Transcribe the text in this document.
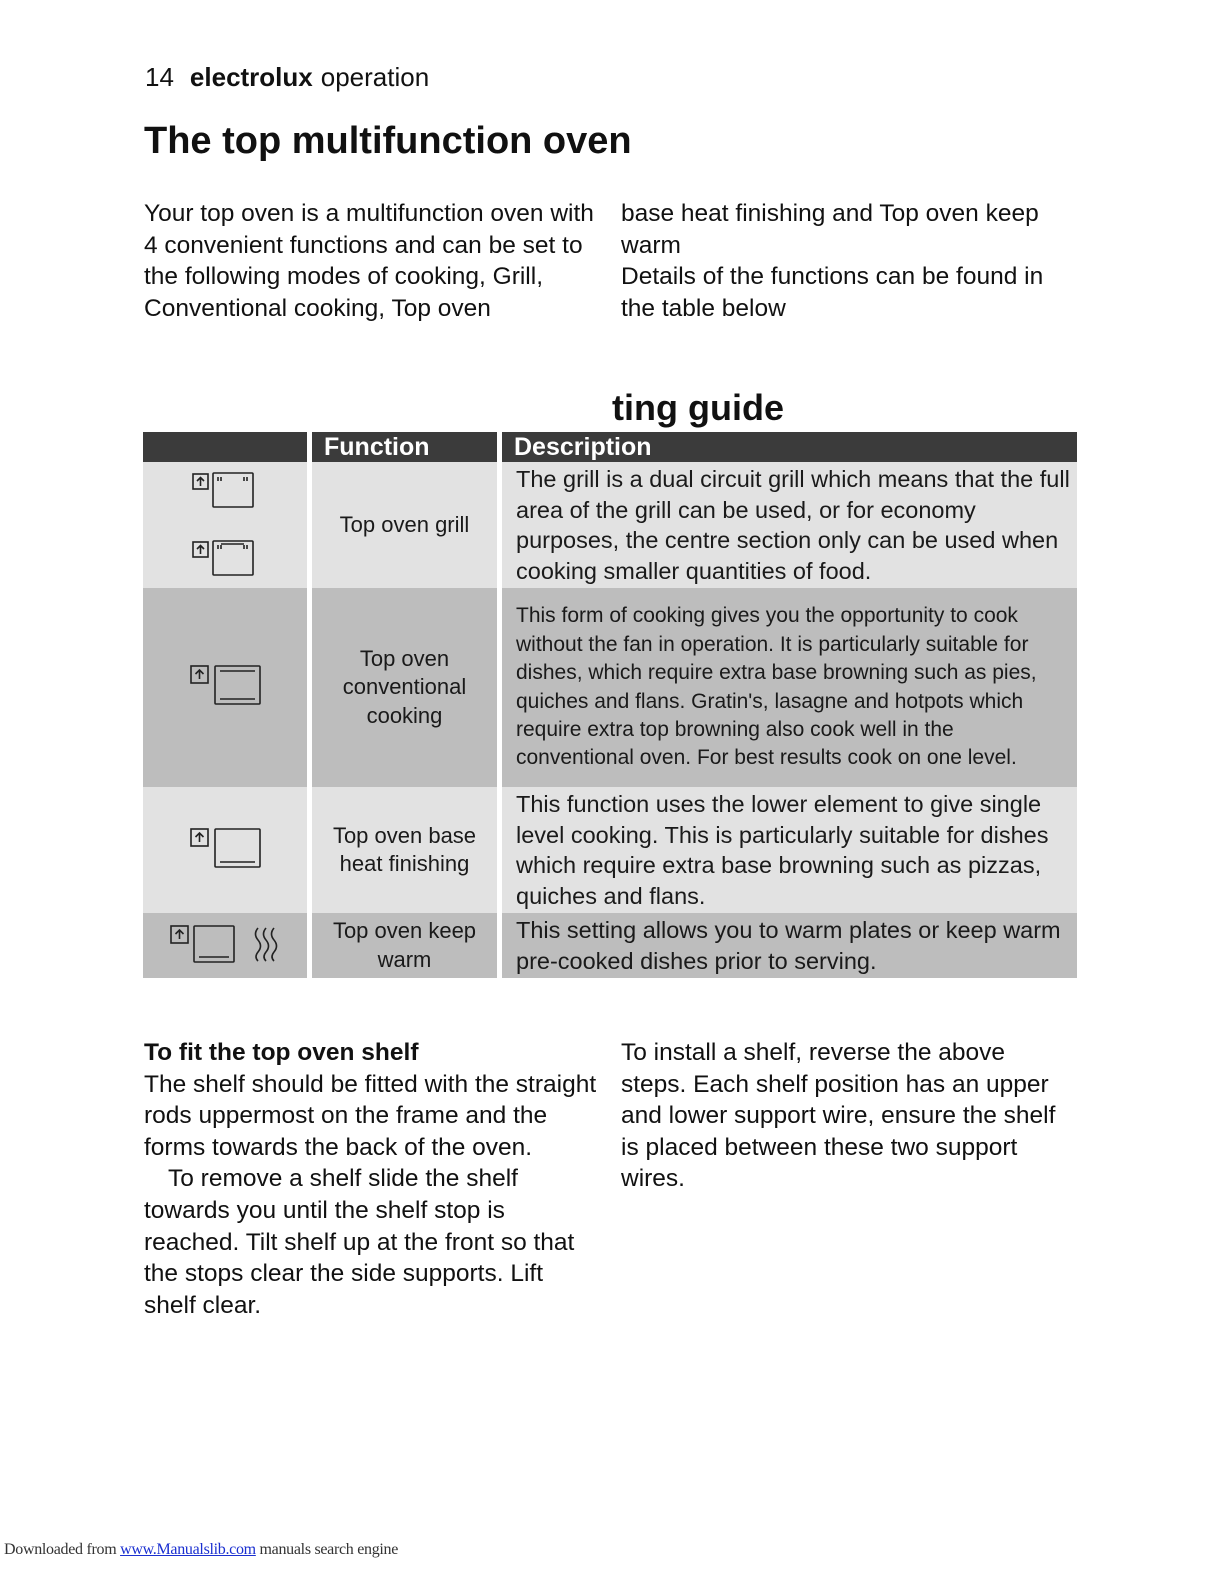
14 electrolux operation
The top multifunction oven
Your top oven is a multifunction oven with 4 convenient functions and can be set to the following modes of cooking, Grill, Conventional cooking, Top oven

base heat finishing and Top oven keep warm

Details of the functions can be found in the table below

ting guide
	Function	Description
	Top oven grill	The grill is a dual circuit grill which means that the full area of the grill can be used, or for economy purposes, the centre section only can be used when cooking smaller quantities of food.
	Top oven conventional cooking	This form of cooking gives you the opportunity to cook without the fan in operation. It is particularly suitable for dishes, which require extra base browning such as pies, quiches and flans. Gratin's, lasagne and hotpots which require extra top browning also cook well in the conventional oven. For best results cook on one level.
	Top oven base heat finishing	This function uses the lower element to give single level cooking. This is particularly suitable for dishes which require extra base browning such as pizzas, quiches and flans.
	Top oven keep warm	This setting allows you to warm plates or keep warm pre-cooked dishes prior to serving.

To fit the top oven shelf

The shelf should be fitted with the straight rods uppermost on the frame and the forms towards the back of the oven.

To remove a shelf slide the shelf towards you until the shelf stop is reached. Tilt shelf up at the front so that the stops clear the side supports. Lift shelf clear.

To install a shelf, reverse the above steps. Each shelf position has an upper and lower support wire, ensure the shelf is placed between these two support wires.

Downloaded from www.Manualslib.com manuals search engine
